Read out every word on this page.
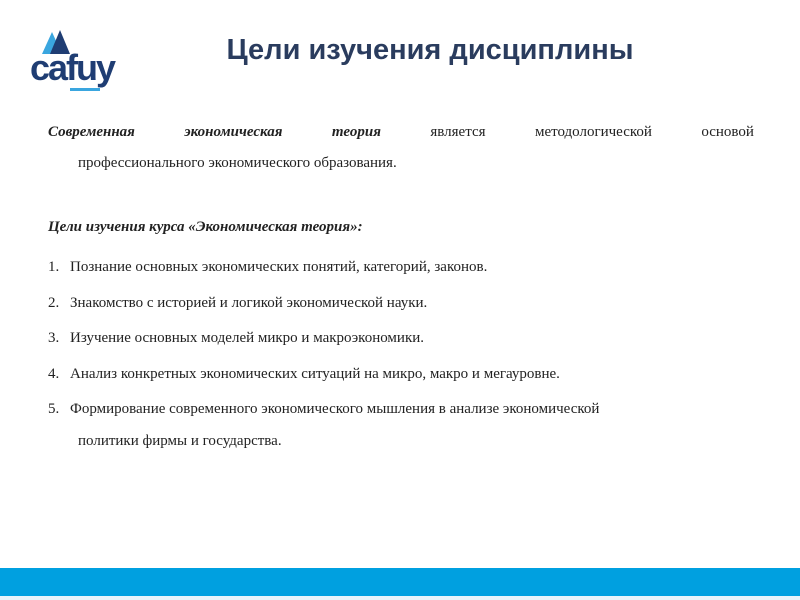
cafuy	Цели изучения дисциплины
Современная	экономическая	теория	является	методологической	основой
профессионального экономического образования.
Цели изучения курса «Экономическая теория»:
1. Познание основных экономических понятий, категорий, законов.
2. Знакомство с историей и логикой экономической науки.
3. Изучение основных моделей микро и макроэкономики.
4. Анализ конкретных экономических ситуаций на микро, макро и мегауровне.
5. Формирование современного экономического мышления в анализе экономической
политики фирмы и государства.
